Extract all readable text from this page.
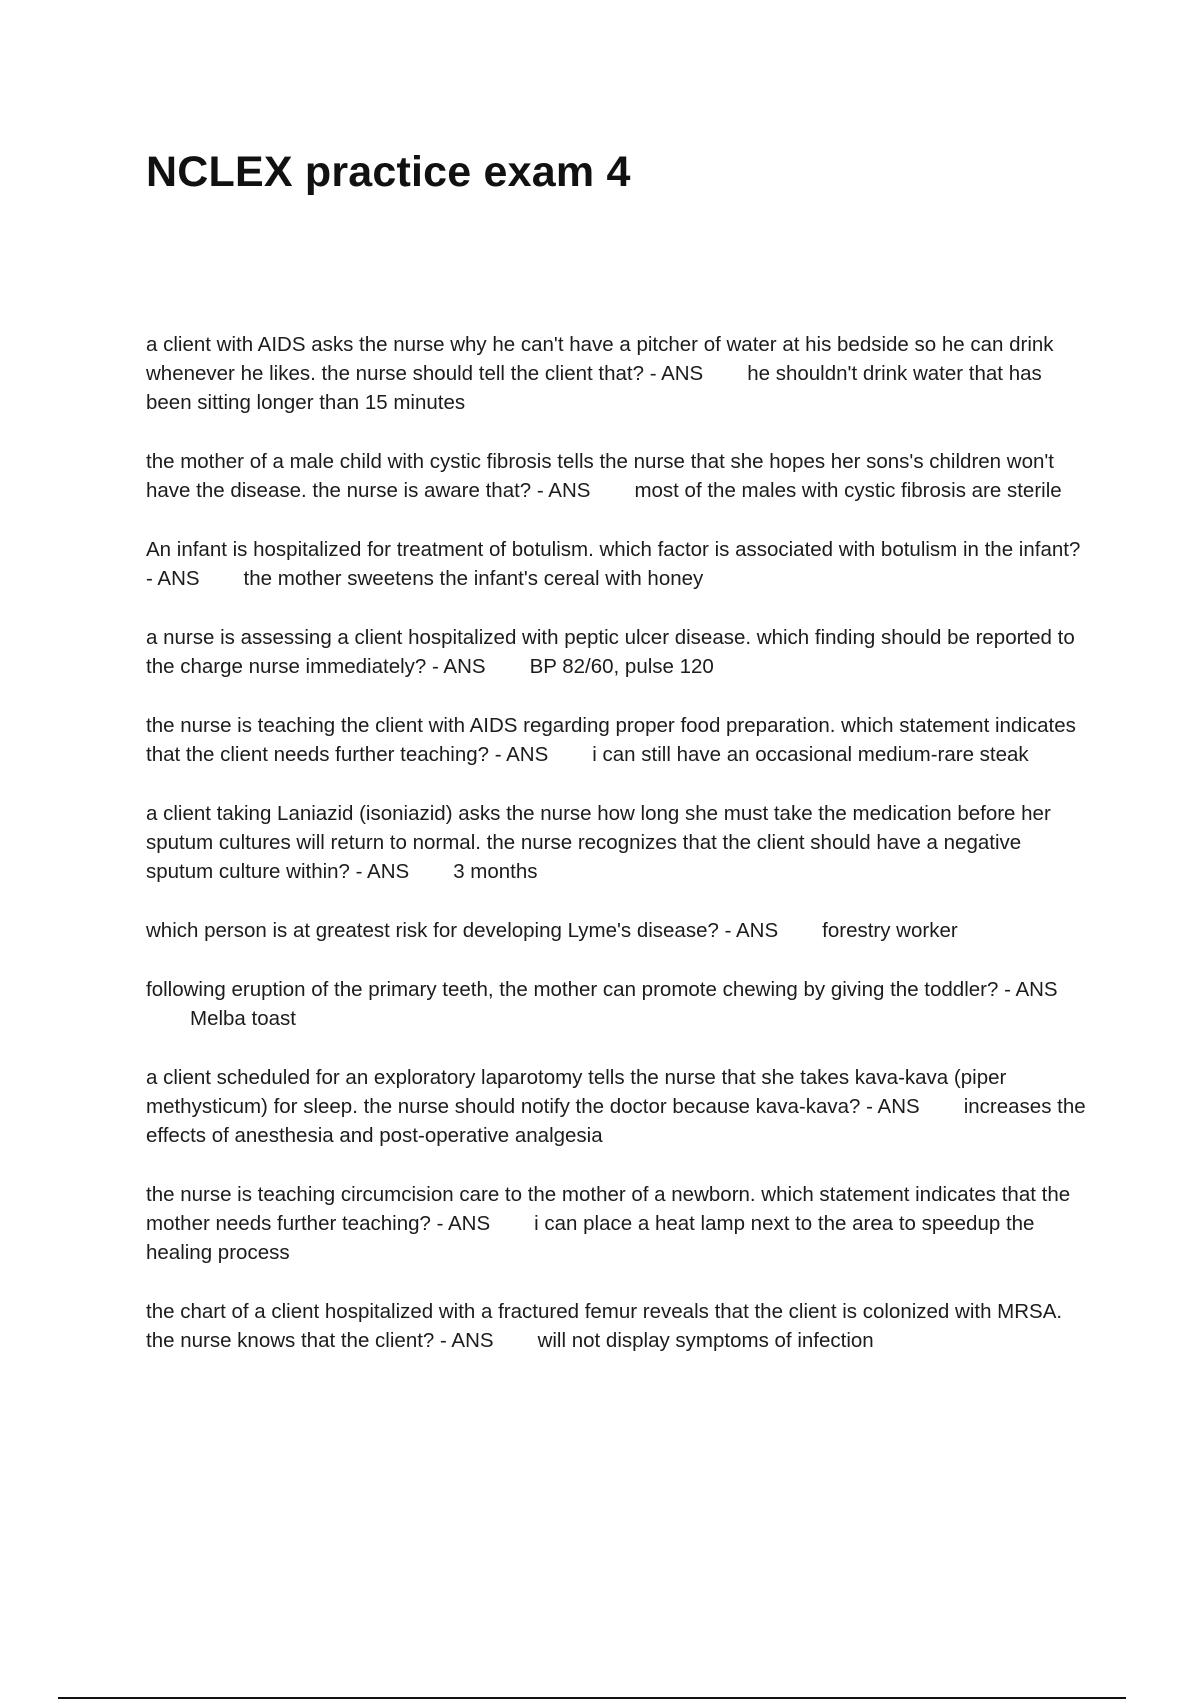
NCLEX practice exam 4

a client with AIDS asks the nurse why he can't have a pitcher of water at his bedside so he can drink whenever he likes. the nurse should tell the client that? - ANS he shouldn't drink water that has been sitting longer than 15 minutes

the mother of a male child with cystic fibrosis tells the nurse that she hopes her sons's children won't have the disease. the nurse is aware that? - ANS most of the males with cystic fibrosis are sterile

An infant is hospitalized for treatment of botulism. which factor is associated with botulism in the infant? - ANS the mother sweetens the infant's cereal with honey

a nurse is assessing a client hospitalized with peptic ulcer disease. which finding should be reported to the charge nurse immediately? - ANS BP 82/60, pulse 120

the nurse is teaching the client with AIDS regarding proper food preparation. which statement indicates that the client needs further teaching? - ANS i can still have an occasional medium-rare steak

a client taking Laniazid (isoniazid) asks the nurse how long she must take the medication before her sputum cultures will return to normal. the nurse recognizes that the client should have a negative sputum culture within? - ANS 3 months

which person is at greatest risk for developing Lyme's disease? - ANS forestry worker

following eruption of the primary teeth, the mother can promote chewing by giving the toddler? - ANSMelba toast

a client scheduled for an exploratory laparotomy tells the nurse that she takes kava-kava (piper methysticum) for sleep. the nurse should notify the doctor because kava-kava? - ANS increases the effects of anesthesia and post-operative analgesia

the nurse is teaching circumcision care to the mother of a newborn. which statement indicates that the mother needs further teaching? - ANS i can place a heat lamp next to the area to speedup the healing process

the chart of a client hospitalized with a fractured femur reveals that the client is colonized with MRSA. the nurse knows that the client? - ANS will not display symptoms of infection
